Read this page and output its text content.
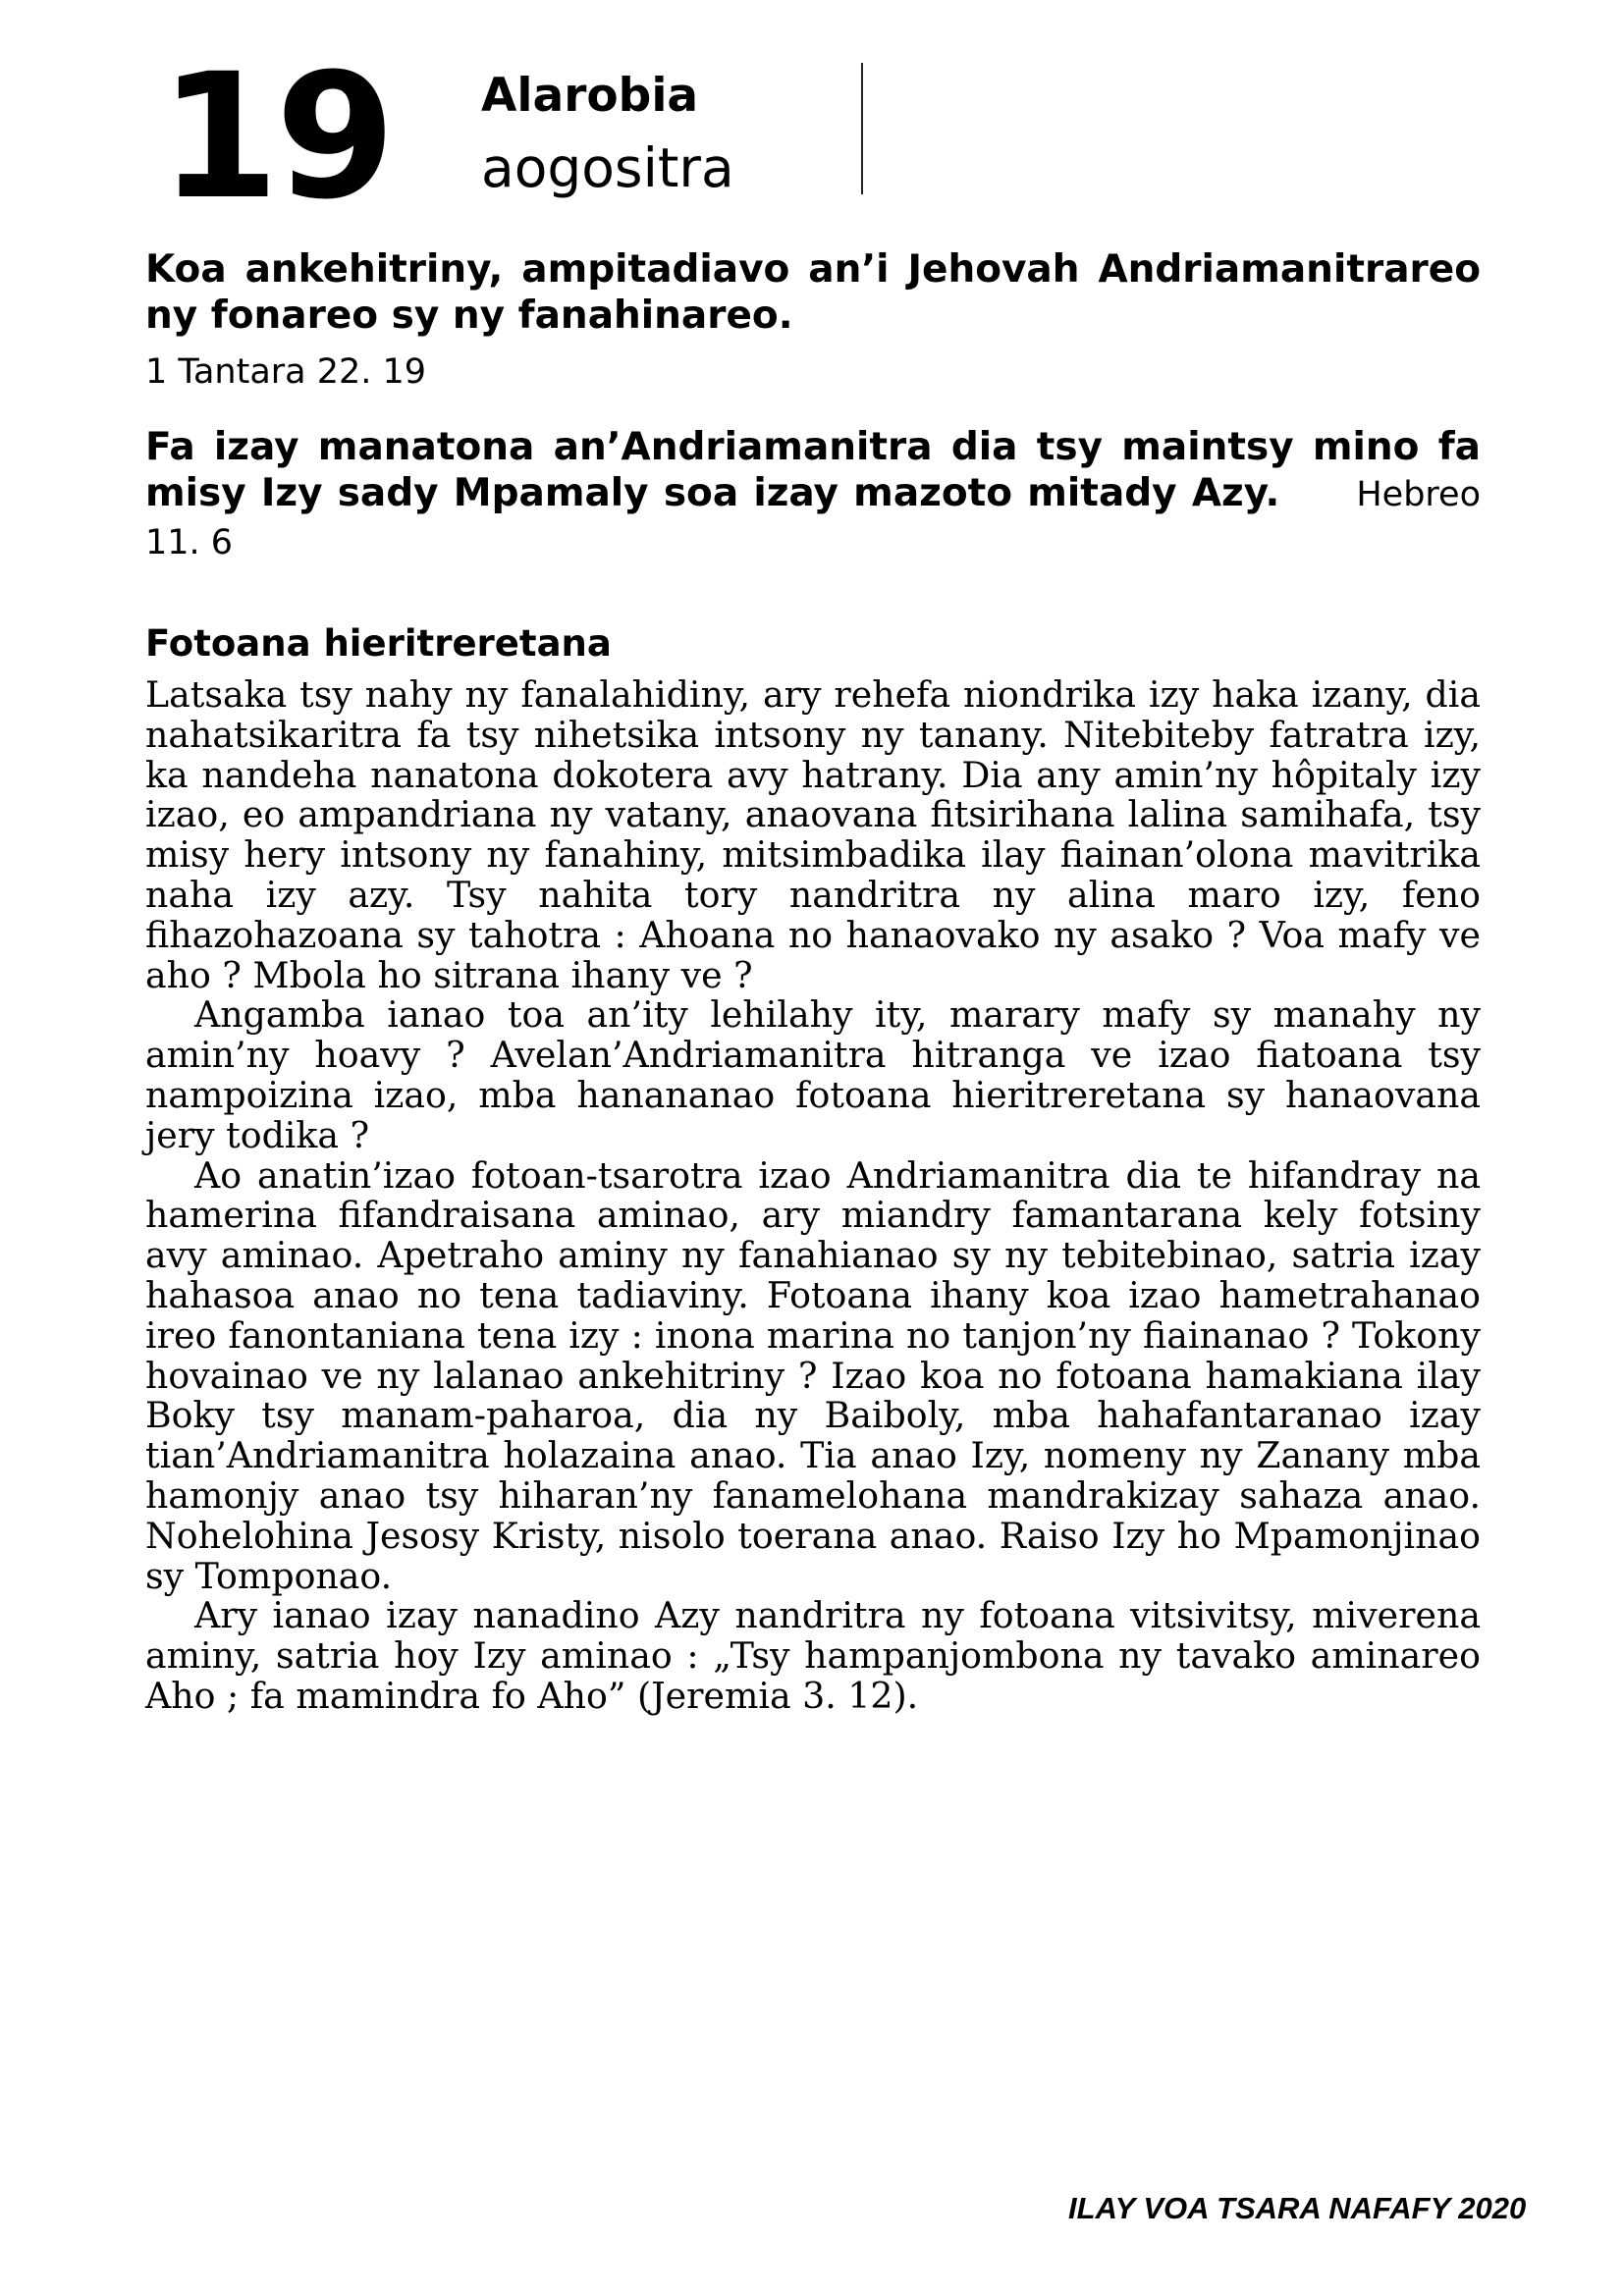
19 Alarobia
aogositra
Koa ankehitriny, ampitadiavo an’i Jehovah Andriamanitrareo ny fonareo sy ny fanahinareo.
1 Tantara 22. 19
Fa izay manatona an’Andriamanitra dia tsy maintsy mino fa misy Izy sady Mpamaly soa izay mazoto mitady Azy. Hebreo 11. 6
Fotoana hieritreretana

Latsaka tsy nahy ny fanalahidiny, ary rehefa niondrika izy haka izany, dia nahatsikaritra fa tsy nihetsika intsony ny tanany. Nitebiteby fatratra izy, ka nandeha nanatona dokotera avy hatrany. Dia any amin’ny hôpitaly izy izao, eo ampandriana ny vatany, anaovana fitsirihana lalina samihafa, tsy misy hery intsony ny fanahiny, mitsimbadika ilay fiainan’olona mavitrika naha izy azy. Tsy nahita tory nandritra ny alina maro izy, feno fihazohazoana sy tahotra : Ahoana no hanaovako ny asako ? Voa mafy ve aho ? Mbola ho sitrana ihany ve ?

Angamba ianao toa an’ity lehilahy ity, marary mafy sy manahy ny amin’ny hoavy ? Avelan’Andriamanitra hitranga ve izao fiatoana tsy nampoizina izao, mba hanananao fotoana hieritreretana sy hanaovana jery todika ?

Ao anatin’izao fotoan-tsarotra izao Andriamanitra dia te hifandray na hamerina fifandraisana aminao, ary miandry famantarana kely fotsiny avy aminao. Apetraho aminy ny fanahianao sy ny tebitebinao, satria izay hahasoa anao no tena tadiaviny. Fotoana ihany koa izao hametrahanao ireo fanontaniana tena izy : inona marina no tanjon’ny fiainanao ? Tokony hovainao ve ny lalanao ankehitriny ? Izao koa no fotoana hamakiana ilay Boky tsy manam-paharoa, dia ny Baiboly, mba hahafantaranao izay tian’Andriamanitra holazaina anao. Tia anao Izy, nomeny ny Zanany mba hamonjy anao tsy hiharan’ny fanamelohana mandrakizay sahaza anao. Nohelohina Jesosy Kristy, nisolo toerana anao. Raiso Izy ho Mpamonjinao sy Tomponao.

Ary ianao izay nanadino Azy nandritra ny fotoana vitsivitsy, miverena aminy, satria hoy Izy aminao : „Tsy hampanjombona ny tavako aminareo Aho ; fa mamindra fo Aho” (Jeremia 3. 12).

ILAY VOA TSARA NAFAFY 2020
